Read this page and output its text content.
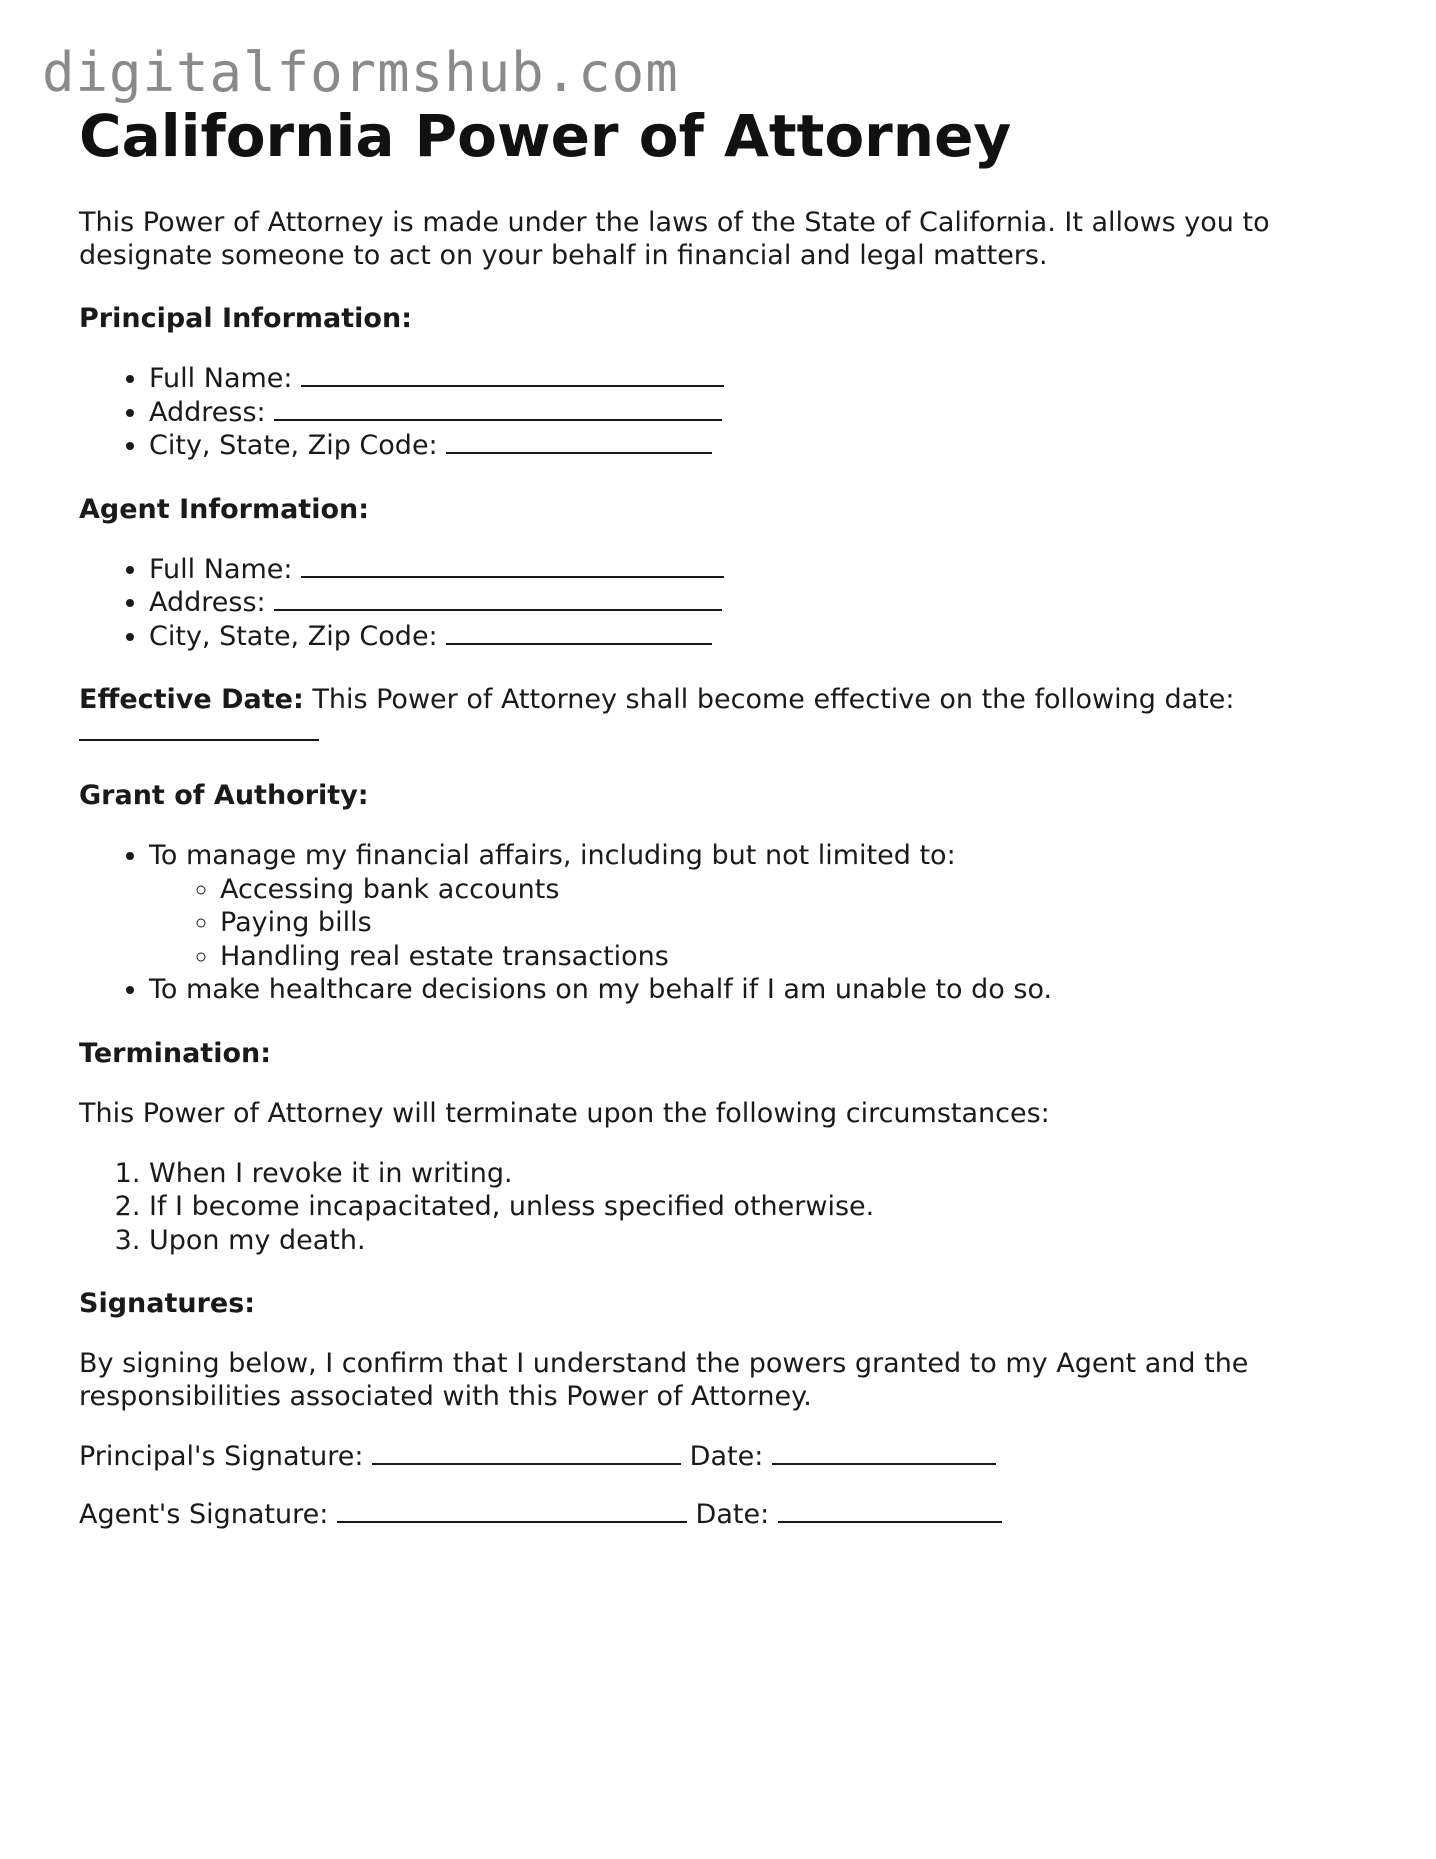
digitalformshub.com
California Power of Attorney

This Power of Attorney is made under the laws of the State of California. It allows you to designate someone to act on your behalf in financial and legal matters.

Principal Information:

• Full Name:
• Address:
• City, State, Zip Code:

Agent Information:

• Full Name:
• Address:
• City, State, Zip Code:

Effective Date: This Power of Attorney shall become effective on the following date:

Grant of Authority:

• To manage my financial affairs, including but not limited to:
◦ Accessing bank accounts
◦ Paying bills
◦ Handling real estate transactions
• To make healthcare decisions on my behalf if I am unable to do so.

Termination:

This Power of Attorney will terminate upon the following circumstances:

1. When I revoke it in writing.
2. If I become incapacitated, unless specified otherwise.
3. Upon my death.

Signatures:

By signing below, I confirm that I understand the powers granted to my Agent and the responsibilities associated with this Power of Attorney.

Principal's Signature:	Date:

Agent's Signature:	Date:
